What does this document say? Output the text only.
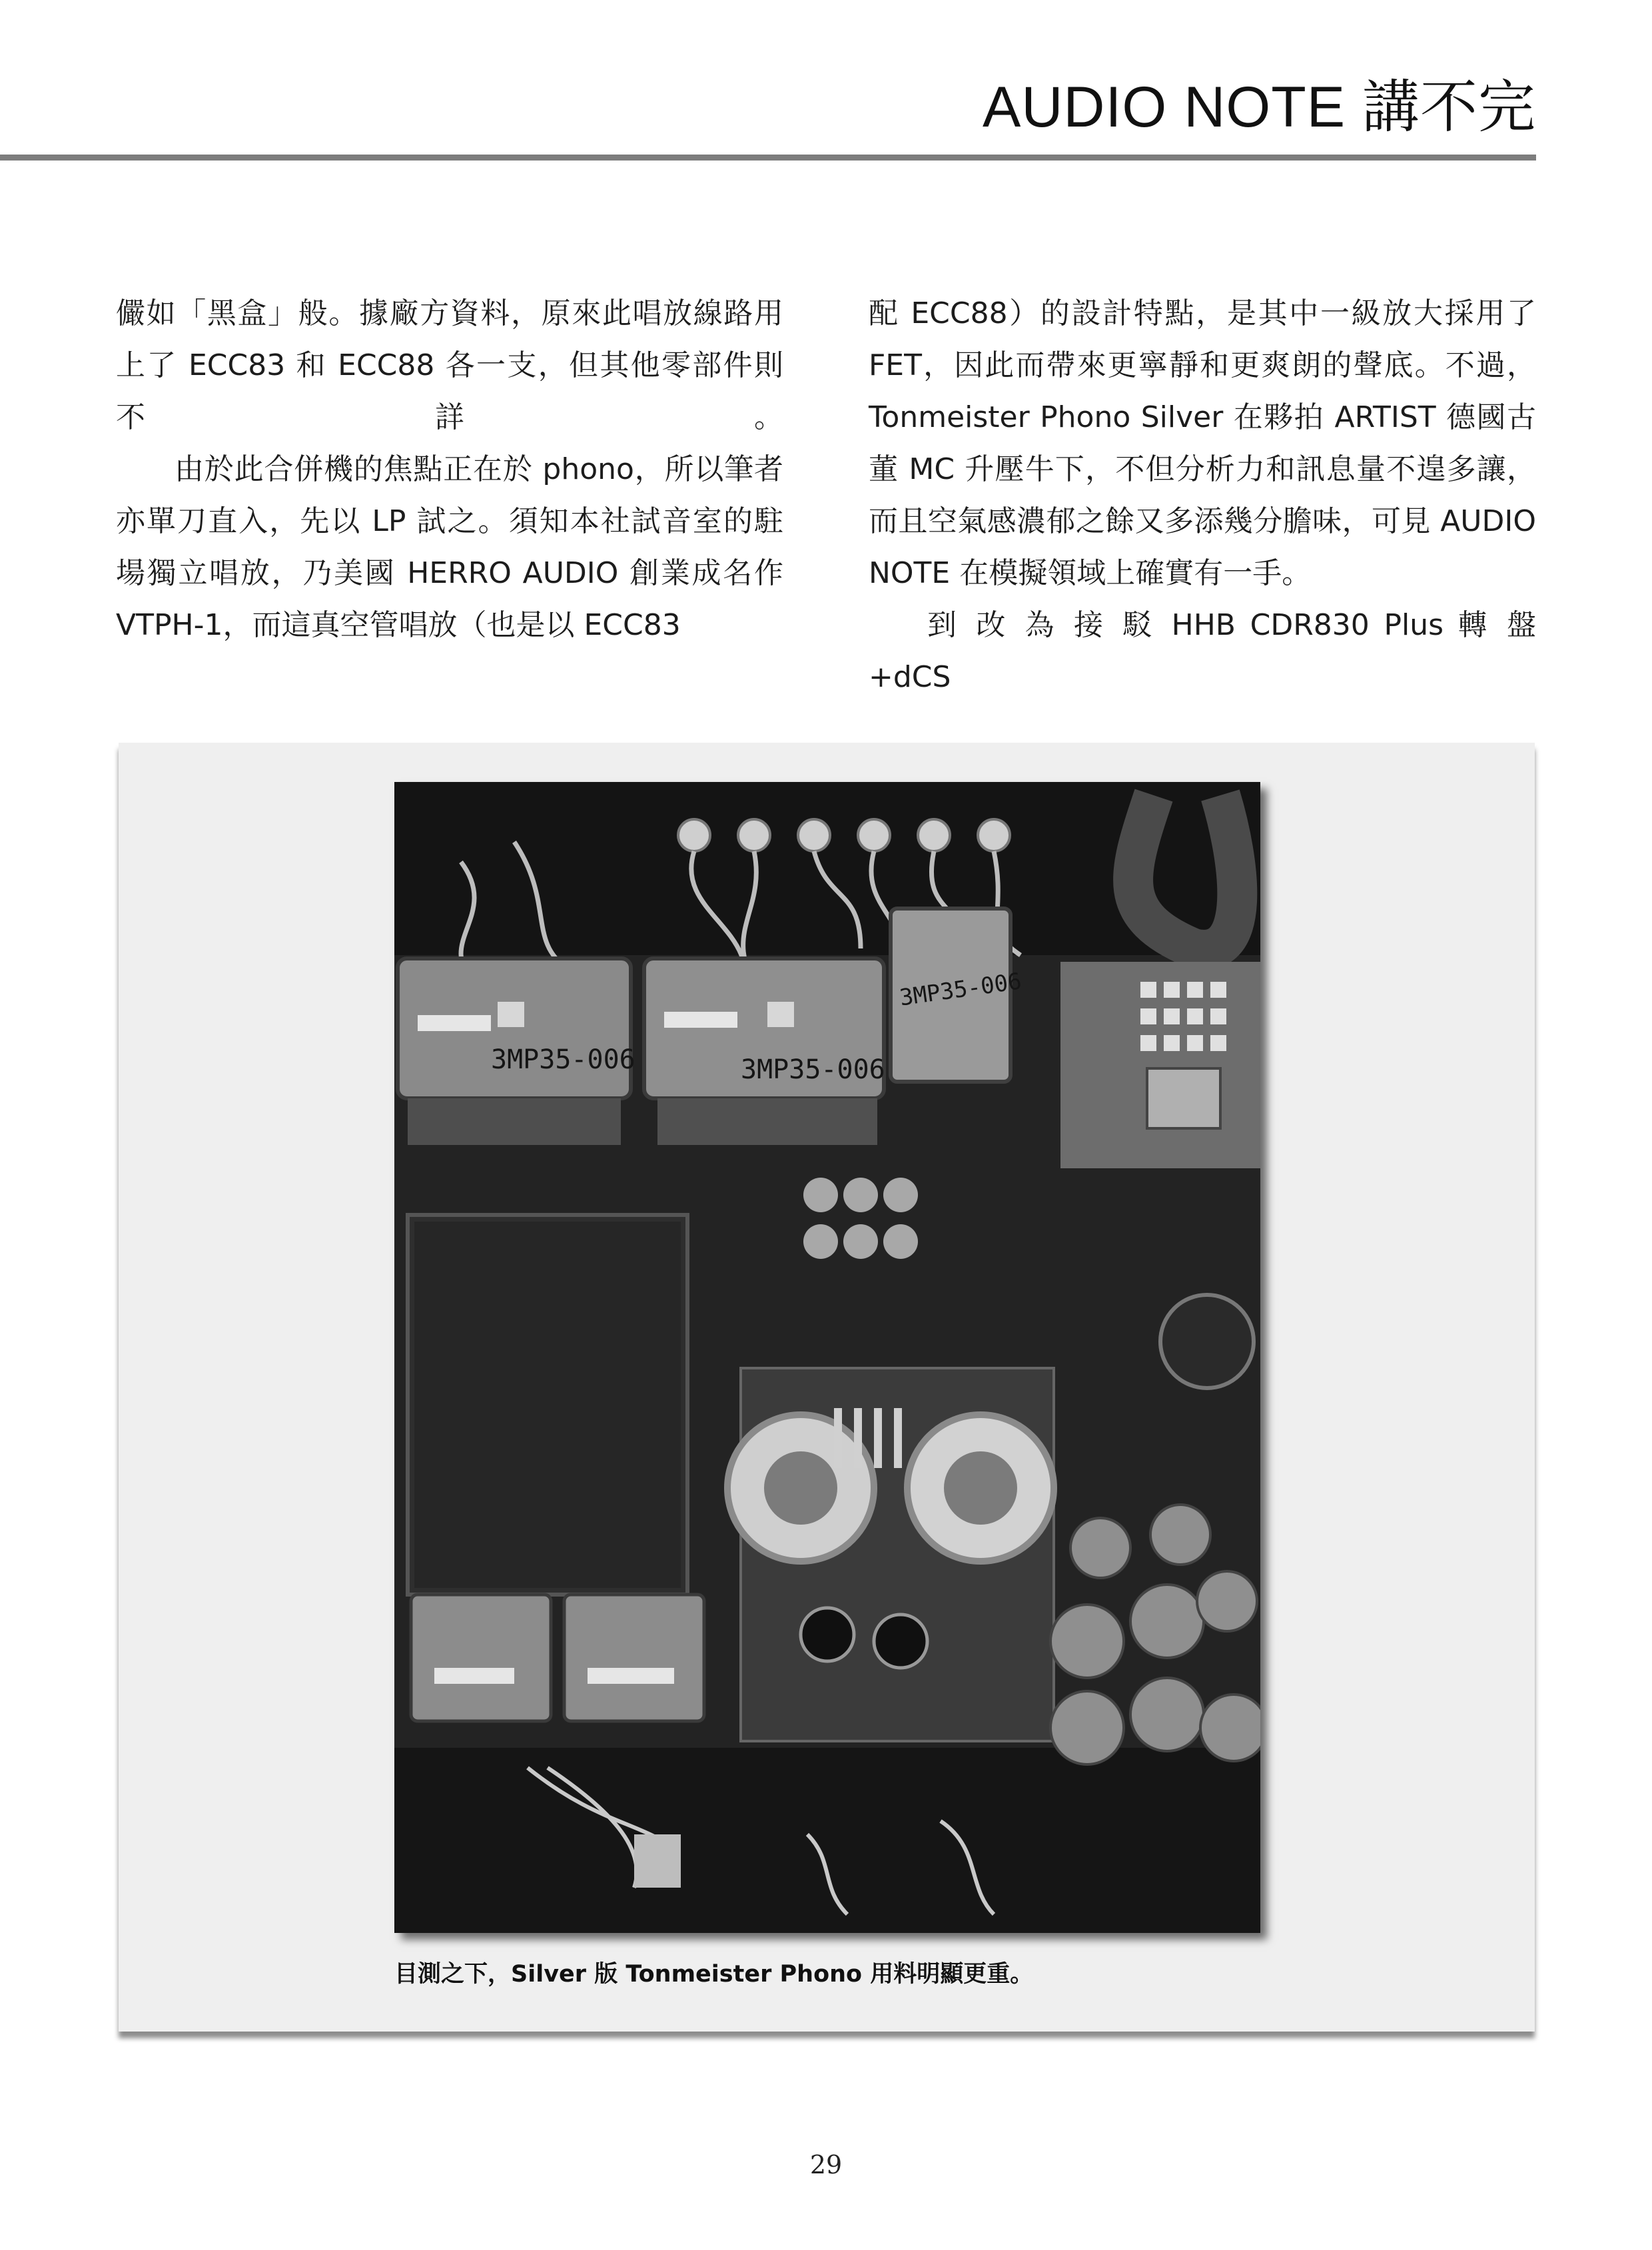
AUDIO NOTE 講不完

儼如「黑盒」般。據廠方資料，原來此唱放線路用上了 ECC83 和 ECC88 各一支，但其他零部件則不詳。

由於此合併機的焦點正在於 phono，所以筆者亦單刀直入，先以 LP 試之。須知本社試音室的駐場獨立唱放，乃美國 HERRO AUDIO 創業成名作 VTPH-1，而這真空管唱放（也是以 ECC83

配 ECC88）的設計特點，是其中一級放大採用了 FET，因此而帶來更寧靜和更爽朗的聲底。不過，Tonmeister Phono Silver 在夥拍 ARTIST 德國古董 MC 升壓牛下，不但分析力和訊息量不遑多讓，而且空氣感濃郁之餘又多添幾分膽味，可見 AUDIO NOTE 在模擬領域上確實有一手。

到 改 為 接 駁 HHB CDR830 Plus 轉 盤 +dCS

3MP35-006	3MP35-006
3MP35-006
目測之下，Silver 版 Tonmeister Phono 用料明顯更重。
29
